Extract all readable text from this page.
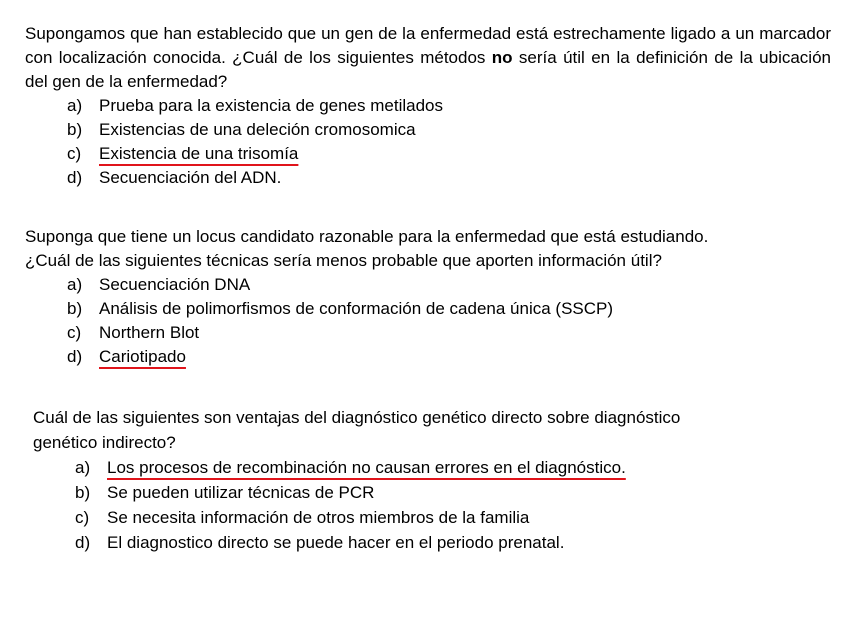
Supongamos que han establecido que un gen de la enfermedad está estrechamente ligado a un marcador con localización conocida. ¿Cuál de los siguientes métodos no sería útil en la definición de la ubicación del gen de la enfermedad?

a) Prueba para la existencia de genes metilados
b) Existencias de una deleción cromosomica
c) Existencia de una trisomía
d) Secuenciación del ADN.

Suponga que tiene un locus candidato razonable para la enfermedad que está estudiando.
¿Cuál de las siguientes técnicas sería menos probable que aporten información útil?

a) Secuenciación DNA
b) Análisis de polimorfismos de conformación de cadena única (SSCP)
c) Northern Blot
d) Cariotipado

Cuál de las siguientes son ventajas del diagnóstico genético directo sobre diagnóstico
genético indirecto?

a) Los procesos de recombinación no causan errores en el diagnóstico.
b) Se pueden utilizar técnicas de PCR
c) Se necesita información de otros miembros de la familia
d) El diagnostico directo se puede hacer en el periodo prenatal.
